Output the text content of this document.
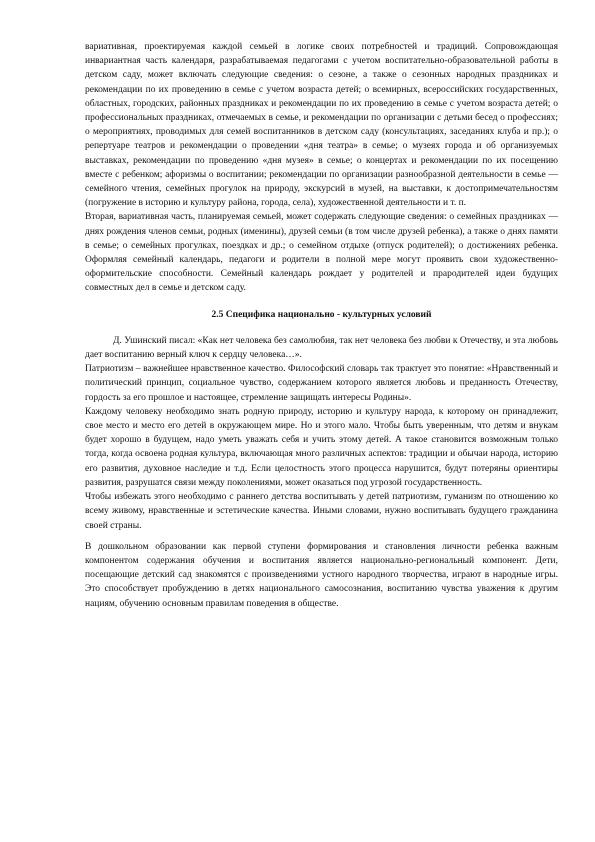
вариативная, проектируемая каждой семьей в логике своих потребностей и традиций. Сопровождающая инвариантная часть календаря, разрабатываемая педагогами с учетом воспитательно-образовательной работы в детском саду, может включать следующие сведения: о сезоне, а также о сезонных народных праздниках и рекомендации по их проведению в семье с учетом возраста детей; о всемирных, всероссийских государственных, областных, городских, районных праздниках и рекомендации по их проведению в семье с учетом возраста детей; о профессиональных праздниках, отмечаемых в семье, и рекомендации по организации с детьми бесед о профессиях; о мероприятиях, проводимых для семей воспитанников в детском саду (консультациях, заседаниях клуба и пр.); о репертуаре театров и рекомендации о проведении «дня театра» в семье; о музеях города и об организуемых выставках, рекомендации по проведению «дня музея» в семье; о концертах и рекомендации по их посещению вместе с ребенком; афоризмы о воспитании; рекомендации по организации разнообразной деятельности в семье — семейного чтения, семейных прогулок на природу, экскурсий в музей, на выставки, к достопримечательностям (погружение в историю и культуру района, города, села), художественной деятельности и т. п.

Вторая, вариативная часть, планируемая семьей, может содержать следующие сведения: о семейных праздниках — днях рождения членов семьи, родных (именины), друзей семьи (в том числе друзей ребенка), а также о днях памяти в семье; о семейных прогулках, поездках и др.; о семейном отдыхе (отпуск родителей); о достижениях ребенка. Оформляя семейный календарь, педагоги и родители в полной мере могут проявить свои художественно-оформительские способности. Семейный календарь рождает у родителей и прародителей идеи будущих совместных дел в семье и детском саду.

2.5 Специфика национально - культурных условий

Д. Ушинский писал: «Как нет человека без самолюбия, так нет человека без любви к Отечеству, и эта любовь дает воспитанию верный ключ к сердцу человека…».

Патриотизм – важнейшее нравственное качество. Философский словарь так трактует это понятие: «Нравственный и политический принцип, социальное чувство, содержанием которого является любовь и преданность Отечеству, гордость за его прошлое и настоящее, стремление защищать интересы Родины».

Каждому человеку необходимо знать родную природу, историю и культуру народа, к которому он принадлежит, свое место и место его детей в окружающем мире. Но и этого мало. Чтобы быть уверенным, что детям и внукам будет хорошо в будущем, надо уметь уважать себя и учить этому детей. А такое становится возможным только тогда, когда освоена родная культура, включающая много различных аспектов: традиции и обычаи народа, историю его развития, духовное наследие и т.д. Если целостность этого процесса нарушится, будут потеряны ориентиры развития, разрушатся связи между поколениями, может оказаться под угрозой государственность.

Чтобы избежать этого необходимо с раннего детства воспитывать у детей патриотизм, гуманизм по отношению ко всему живому, нравственные и эстетические качества. Иными словами, нужно воспитывать будущего гражданина своей страны.

В дошкольном образовании как первой ступени формирования и становления личности ребенка важным компонентом содержания обучения и воспитания является национально-региональный компонент. Дети, посещающие детский сад знакомятся с произведениями устного народного творчества, играют в народные игры. Это способствует пробуждению в детях национального самосознания, воспитанию чувства уважения к другим нациям, обучению основным правилам поведения в обществе.
